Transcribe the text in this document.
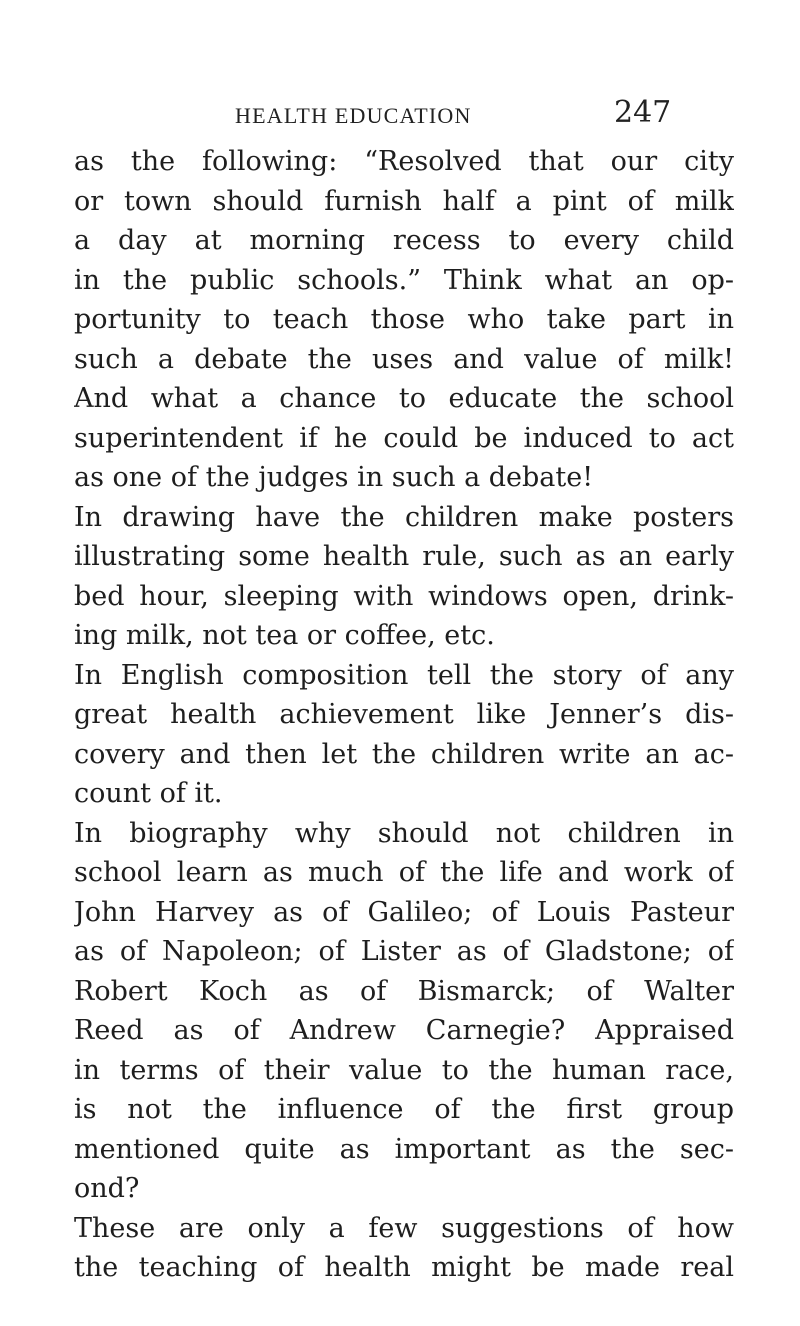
HEALTH EDUCATION	247
as the following: “Resolved that our city
or town should furnish half a pint of milk
a day at morning recess to every child
in the public schools.” Think what an op-
portunity to teach those who take part in
such a debate the uses and value of milk!
And what a chance to educate the school
superintendent if he could be induced to act
as one of the judges in such a debate!
In drawing have the children make posters
illustrating some health rule, such as an early
bed hour, sleeping with windows open, drink-
ing milk, not tea or coffee, etc.
In English composition tell the story of any
great health achievement like Jenner’s dis-
covery and then let the children write an ac-
count of it.
In biography why should not children in
school learn as much of the life and work of
John Harvey as of Galileo; of Louis Pasteur
as of Napoleon; of Lister as of Gladstone; of
Robert Koch as of Bismarck; of Walter
Reed as of Andrew Carnegie? Appraised
in terms of their value to the human race,
is not the influence of the first group
mentioned quite as important as the sec-
ond?
These are only a few suggestions of how
the teaching of health might be made real
